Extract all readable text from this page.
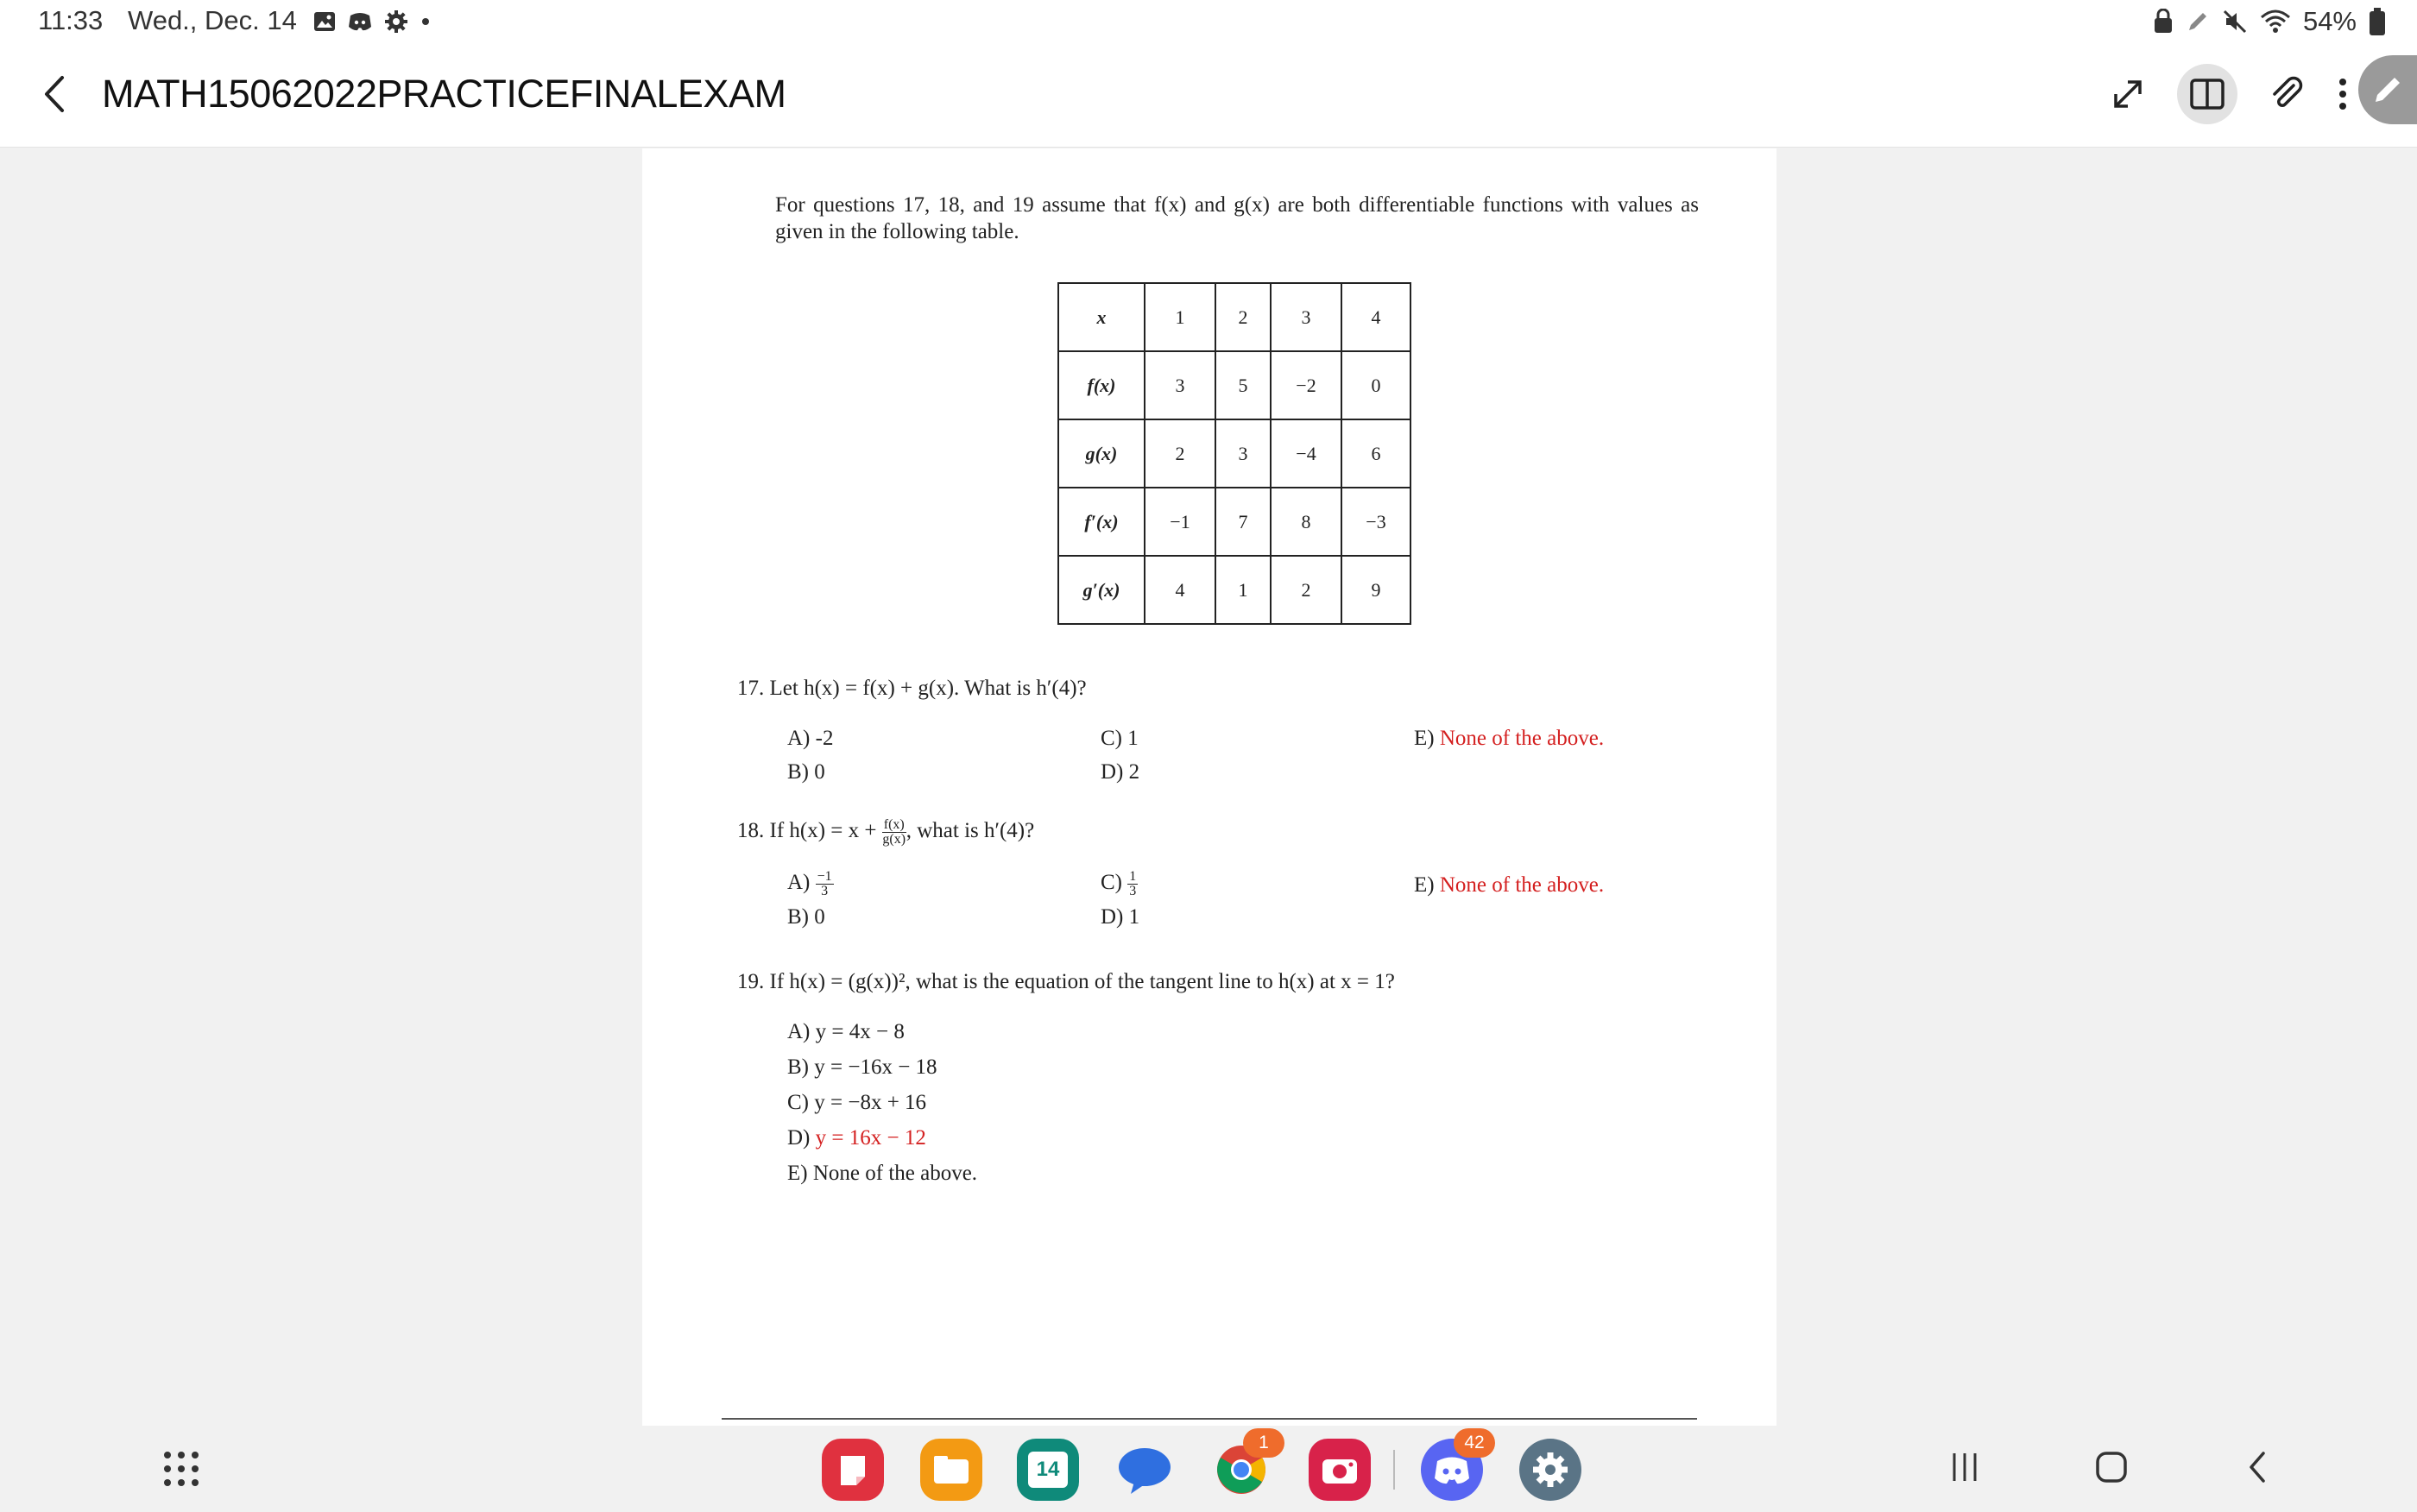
11:33 Wed., Dec. 14	54%
MATH15062022PRACTICEFINALEXAM
For questions 17, 18, and 19 assume that f(x) and g(x) are both differentiable functions with values as given in the following table.
x	1	2	3	4
f(x)	3	5	−2	0
g(x)	2	3	−4	6
f′(x)	−1	7	8	−3
g′(x)	4	1	2	9
17. Let h(x) = f(x) + g(x). What is h′(4)?
A) -2
B) 0
C) 1
D) 2
E) None of the above.
18. If $h(x) = x + \frac{f(x)}{g(x)}$ , what is h′(4)?
$A) \frac{-1}{3}$
B) 0
$C) \frac{1}{3}$
D) 1
E) None of the above.
19. If h(x) = (g(x))², what is the equation of the tangent line to h(x) at x = 1?
A) y = 4x − 8
B) y = −16x − 18
C) y = −8x + 16
D) y = 16x − 12
E) None of the above.
14
1	42
